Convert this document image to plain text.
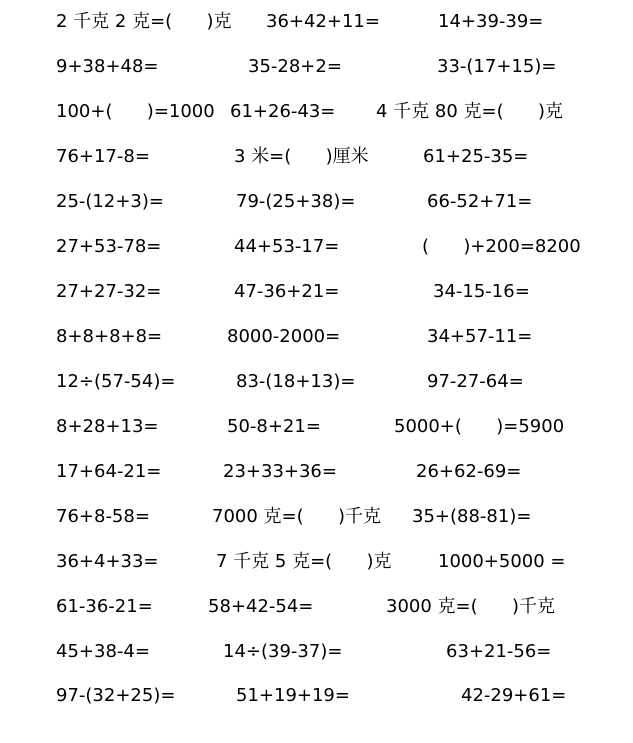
2 千克 2 克=(      )克 36+42+11=	14+39-39=
9+38+48=	35-28+2=	33-(17+15)=
100+(      )=1000 61+26-43= 4 千克 80 克=(      )克
76+17-8=	3 米=(      )厘米	61+25-35=
25-(12+3)=	79-(25+38)=	66-52+71=
27+53-78=	44+53-17=	(      )+200=8200
27+27-32=	47-36+21=	34-15-16=
8+8+8+8=	8000-2000=	34+57-11=
12÷(57-54)=	83-(18+13)=	97-27-64=
8+28+13=	50-8+21=	5000+(      )=5900
17+64-21=	23+33+36=	26+62-69=
76+8-58=	7000 克=(      )千克 35+(88-81)=
36+4+33=	7 千克 5 克=(      )克	1000+5000 =
61-36-21=	58+42-54=	3000 克=(      )千克
45+38-4=	14÷(39-37)=	63+21-56=
97-(32+25)=	51+19+19=	42-29+61=
